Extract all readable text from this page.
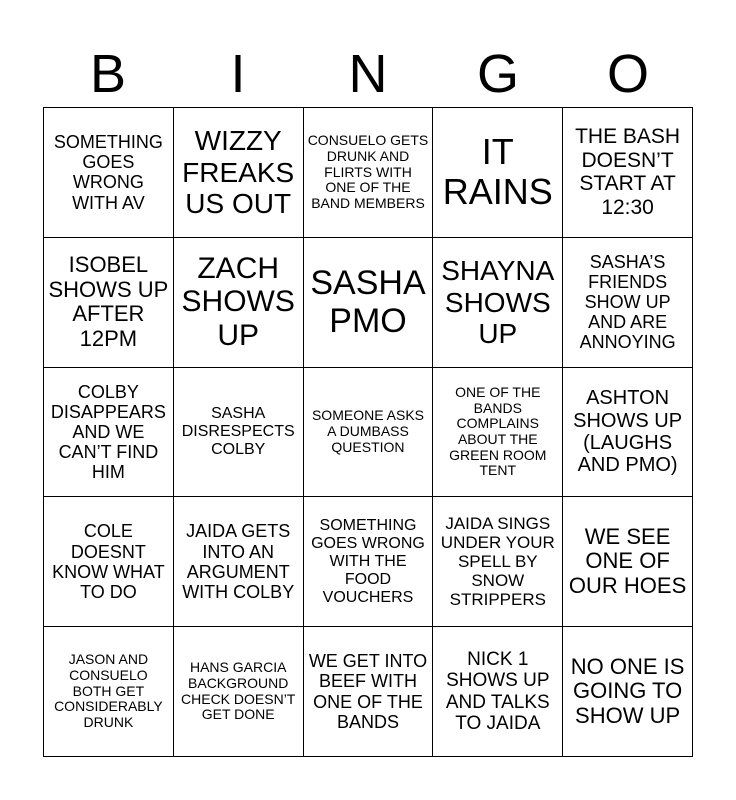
B	I	N	G	O
SOMETHING GOES WRONG WITH AV
WIZZY FREAKS US OUT
CONSUELO GETS DRUNK AND FLIRTS WITH ONE OF THE BAND MEMBERS
IT RAINS
THE BASH DOESN’T START AT 12:30
ISOBEL SHOWS UP AFTER 12PM
ZACH SHOWS UP
SASHA PMO
SHAYNA SHOWS UP
SASHA’S FRIENDS SHOW UP AND ARE ANNOYING
COLBY DISAPPEARS AND WE CAN’T FIND HIM
SASHA DISRESPECTS COLBY
SOMEONE ASKS A DUMBASS QUESTION
ONE OF THE BANDS COMPLAINS ABOUT THE GREEN ROOM TENT
ASHTON SHOWS UP (LAUGHS AND PMO)
COLE DOESNT KNOW WHAT TO DO
JAIDA GETS INTO AN ARGUMENT WITH COLBY
SOMETHING GOES WRONG WITH THE FOOD VOUCHERS
JAIDA SINGS UNDER YOUR SPELL BY SNOW STRIPPERS
WE SEE ONE OF OUR HOES
JASON AND CONSUELO BOTH GET CONSIDERABLY DRUNK
HANS GARCIA BACKGROUND CHECK DOESN’T GET DONE
WE GET INTO BEEF WITH ONE OF THE BANDS
NICK 1 SHOWS UP AND TALKS TO JAIDA
NO ONE IS GOING TO SHOW UP
